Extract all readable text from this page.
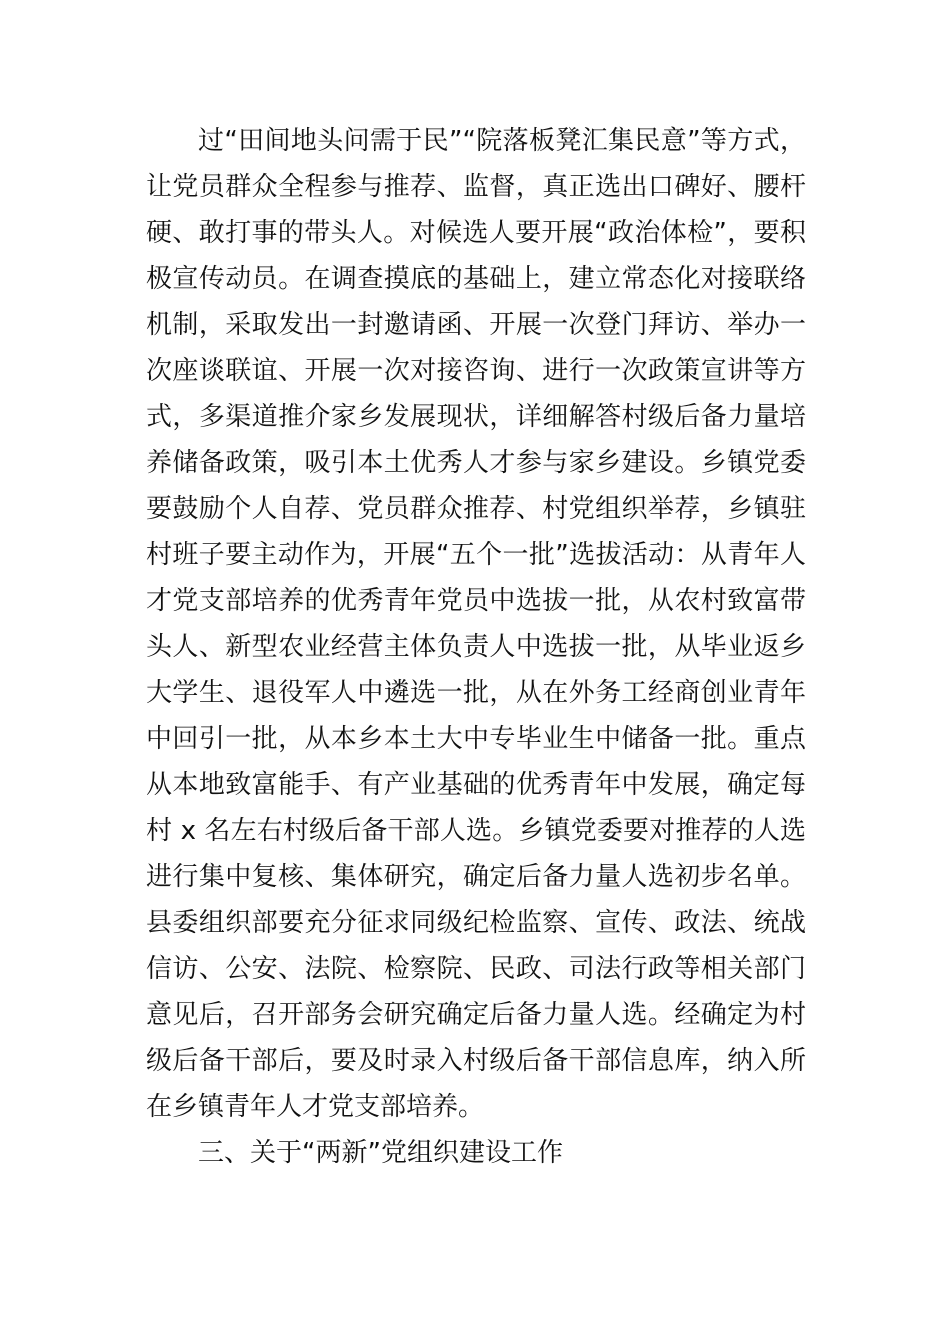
过“田间地头问需于民”“院落板凳汇集民意”等方式，
让党员群众全程参与推荐、监督，真正选出口碑好、腰杆
硬、敢打事的带头人。对候选人要开展“政治体检”，要积
极宣传动员。在调查摸底的基础上，建立常态化对接联络
机制，采取发出一封邀请函、开展一次登门拜访、举办一
次座谈联谊、开展一次对接咨询、进行一次政策宣讲等方
式，多渠道推介家乡发展现状，详细解答村级后备力量培
养储备政策，吸引本土优秀人才参与家乡建设。乡镇党委
要鼓励个人自荐、党员群众推荐、村党组织举荐，乡镇驻
村班子要主动作为，开展“五个一批”选拔活动：从青年人
才党支部培养的优秀青年党员中选拔一批，从农村致富带
头人、新型农业经营主体负责人中选拔一批，从毕业返乡
大学生、退役军人中遴选一批，从在外务工经商创业青年
中回引一批，从本乡本土大中专毕业生中储备一批。重点
从本地致富能手、有产业基础的优秀青年中发展，确定每
村 x 名左右村级后备干部人选。乡镇党委要对推荐的人选
进行集中复核、集体研究，确定后备力量人选初步名单。
县委组织部要充分征求同级纪检监察、宣传、政法、统战
信访、公安、法院、检察院、民政、司法行政等相关部门
意见后，召开部务会研究确定后备力量人选。经确定为村
级后备干部后，要及时录入村级后备干部信息库，纳入所
在乡镇青年人才党支部培养。
三、关于“两新”党组织建设工作
